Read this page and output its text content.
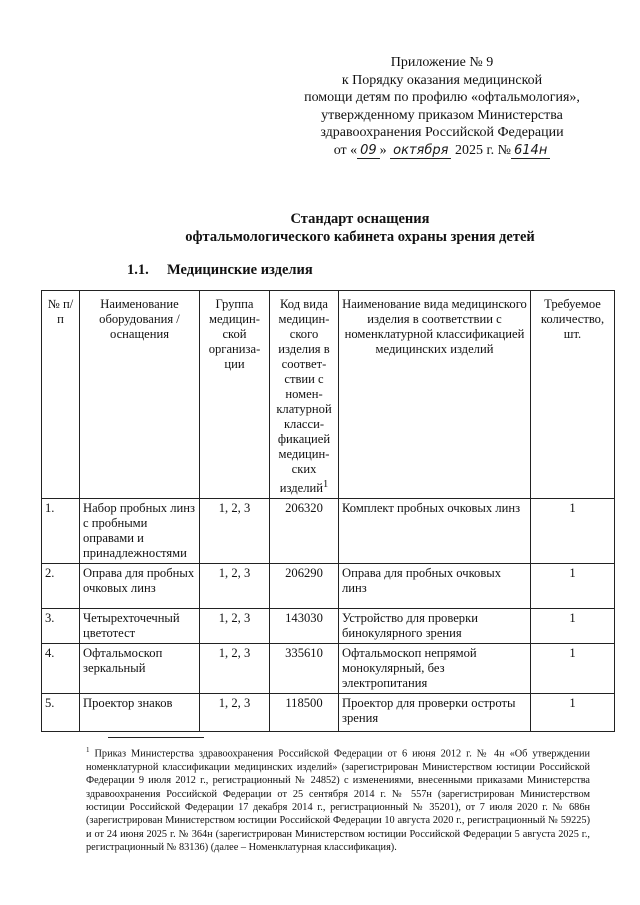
Приложение № 9
к Порядку оказания медицинской
помощи детям по профилю «офтальмология»,
утвержденному приказом Министерства
здравоохранения Российской Федерации
от « 09 » октября 2025 г. № 614н
Стандарт оснащения
офтальмологического кабинета охраны зрения детей
1.1. Медицинские изделия
№ п/п	Наименование оборудования / оснащения	Группа медицин-ской организа-ции	Код вида медицин-ского изделия в соответ-ствии с номен-клатурной класси-фикацией медицин-ских изделий$^1$	Наименование вида медицинского изделия в соответствии с номенклатурной классификацией медицинских изделий	Требуемое количество, шт.
1.	Набор пробных линз с пробными оправами и принадлежностями	1, 2, 3	206320	Комплект пробных очковых линз	1
2.	Оправа для пробных очковых линз	1, 2, 3	206290	Оправа для пробных очковых линз	1
3.	Четырехточечный цветотест	1, 2, 3	143030	Устройство для проверки бинокулярного зрения	1
4.	Офтальмоскоп зеркальный	1, 2, 3	335610	Офтальмоскоп непрямой монокулярный, без электропитания	1
5.	Проектор знаков	1, 2, 3	118500	Проектор для проверки остроты зрения	1
$^1$ Приказ Министерства здравоохранения Российской Федерации от 6 июня 2012 г. № 4н «Об утверждении номенклатурной классификации медицинских изделий» (зарегистрирован Министерством юстиции Российской Федерации 9 июля 2012 г., регистрационный № 24852) с изменениями, внесенными приказами Министерства здравоохранения Российской Федерации от 25 сентября 2014 г. № 557н (зарегистрирован Министерством юстиции Российской Федерации 17 декабря 2014 г., регистрационный № 35201), от 7 июля 2020 г. № 686н (зарегистрирован Министерством юстиции Российской Федерации 10 августа 2020 г., регистрационный № 59225) и от 24 июня 2025 г. № 364н (зарегистрирован Министерством юстиции Российской Федерации 5 августа 2025 г., регистрационный № 83136) (далее – Номенклатурная классификация).
